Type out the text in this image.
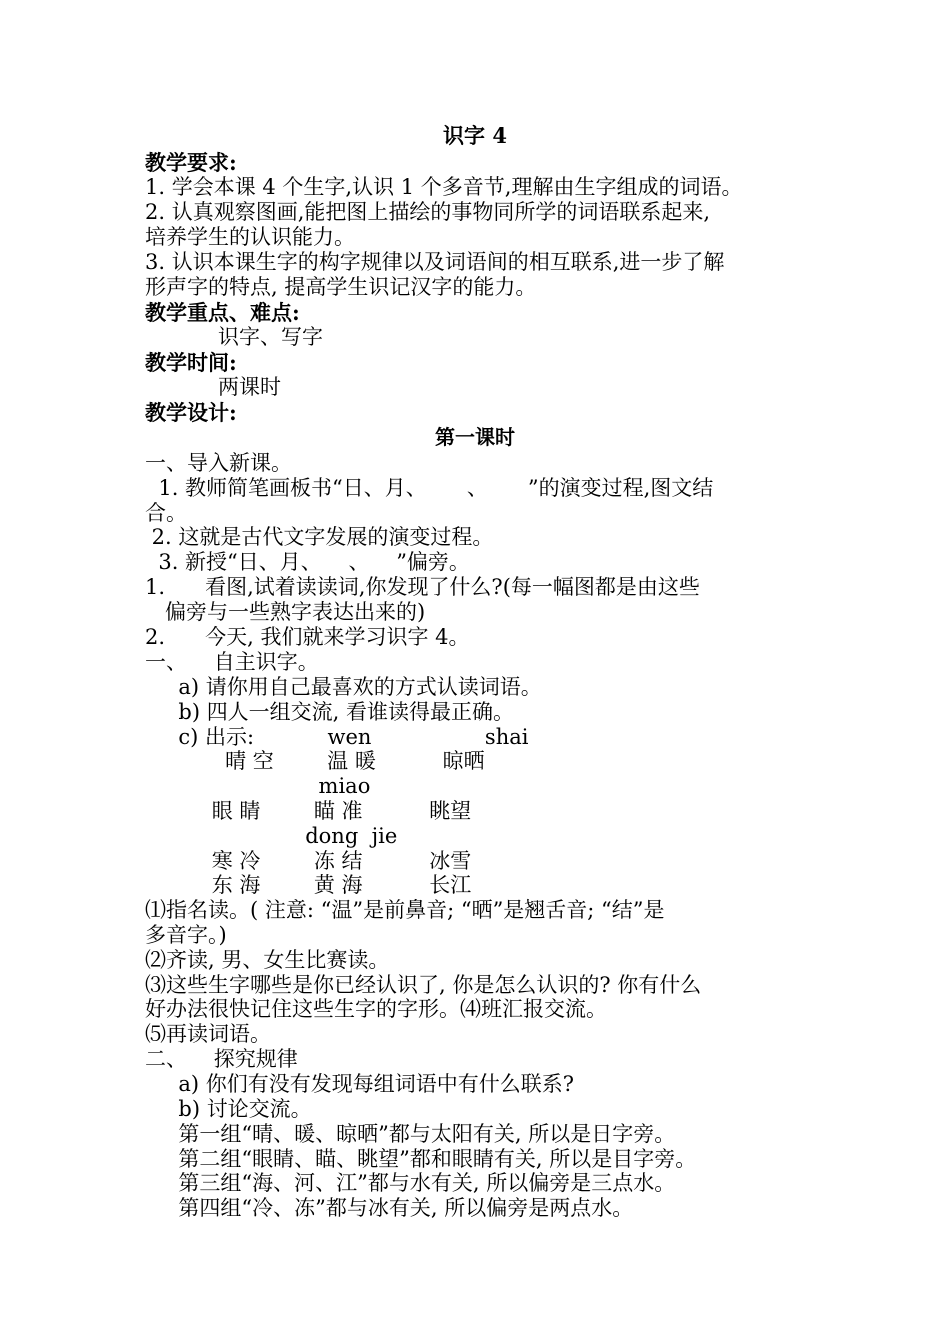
识字 4
教学要求:
1. 学会本课 4 个生字,认识 1 个多音节,理解由生字组成的词语。
2. 认真观察图画,能把图上描绘的事物同所学的词语联系起来,
培养学生的认识能力。
3. 认识本课生字的构字规律以及词语间的相互联系,进一步了解
形声字的特点, 提高学生识记汉字的能力。
教学重点、难点:
识字、写字
教学时间:
两课时
教学设计:
第一课时
一、导入新课。
1. 教师简笔画板书“日、月、      、      ”的演变过程,图文结
合。
2. 这就是古代文字发展的演变过程。
3. 新授“日、月、    、    ”偏旁。
1.      看图,试着读读词,你发现了什么?(每一幅图都是由这些
偏旁与一些熟字表达出来的)
2.      今天, 我们就来学习识字 4。
一、    自主识字。
a) 请你用自己最喜欢的方式认读词语。
b) 四人一组交流, 看谁读得最正确。
c) 出示:           wen                 shai
晴 空        温 暖          晾晒
miao
眼 睛        瞄 准          眺望
dong  jie
寒 冷        冻 结          冰雪
东 海        黄 海          长江
⑴指名读。( 注意: “温”是前鼻音; “晒”是翘舌音; “结”是
多音字。)
⑵齐读, 男、女生比赛读。
⑶这些生字哪些是你已经认识了, 你是怎么认识的? 你有什么
好办法很快记住这些生字的字形。⑷班汇报交流。
⑸再读词语。
二、    探究规律
a) 你们有没有发现每组词语中有什么联系?
b) 讨论交流。
第一组“晴、暖、晾晒”都与太阳有关, 所以是日字旁。
第二组“眼睛、瞄、眺望”都和眼睛有关, 所以是目字旁。
第三组“海、河、江”都与水有关, 所以偏旁是三点水。
第四组“冷、冻”都与冰有关, 所以偏旁是两点水。
